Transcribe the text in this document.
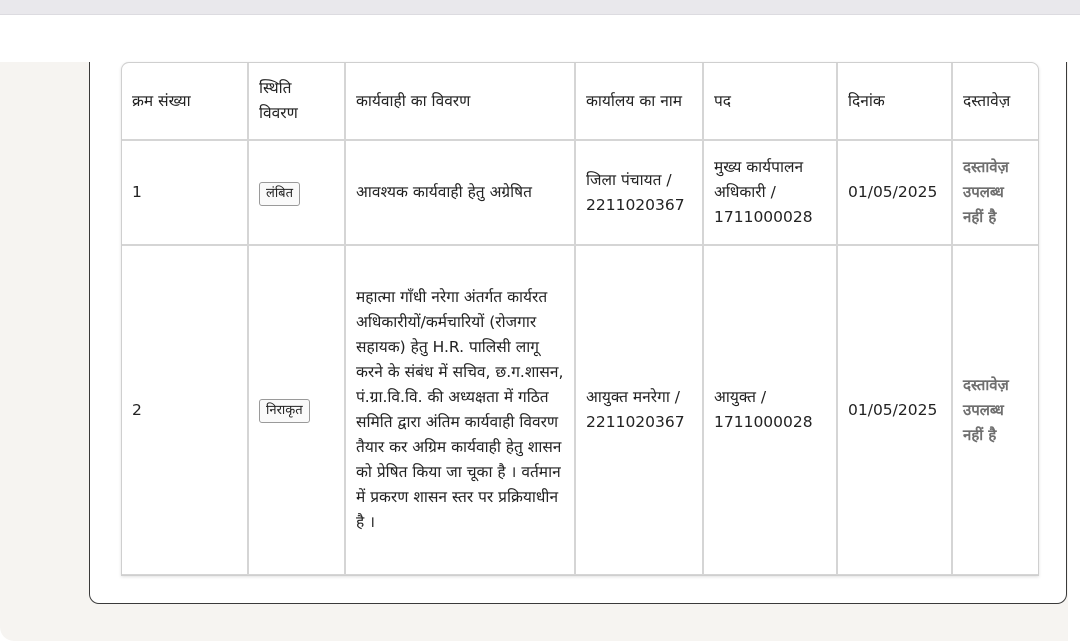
क्रम संख्या	स्थिति विवरण	कार्यवाही का विवरण	कार्यालय का नाम	पद	दिनांक	दस्तावेज़
1	लंबित	आवश्यक कार्यवाही हेतु अग्रेषित	जिला पंचायत / 2211020367	मुख्य कार्यपालन अधिकारी / 1711000028	01/05/2025	दस्तावेज़ उपलब्ध नहीं है
2	निराकृत	महात्मा गाँधी नरेगा अंतर्गत कार्यरत अधिकारीयों/कर्मचारियों (रोजगार सहायक) हेतु H.R. पालिसी लागू करने के संबंध में सचिव, छ.ग.शासन, पं.ग्रा.वि.वि. की अध्यक्षता में गठित समिति द्वारा अंतिम कार्यवाही विवरण तैयार कर अग्रिम कार्यवाही हेतु शासन को प्रेषित किया जा चूका है । वर्तमान में प्रकरण शासन स्तर पर प्रक्रियाधीन है ।	आयुक्त मनरेगा / 2211020367	आयुक्त / 1711000028	01/05/2025	दस्तावेज़ उपलब्ध नहीं है
